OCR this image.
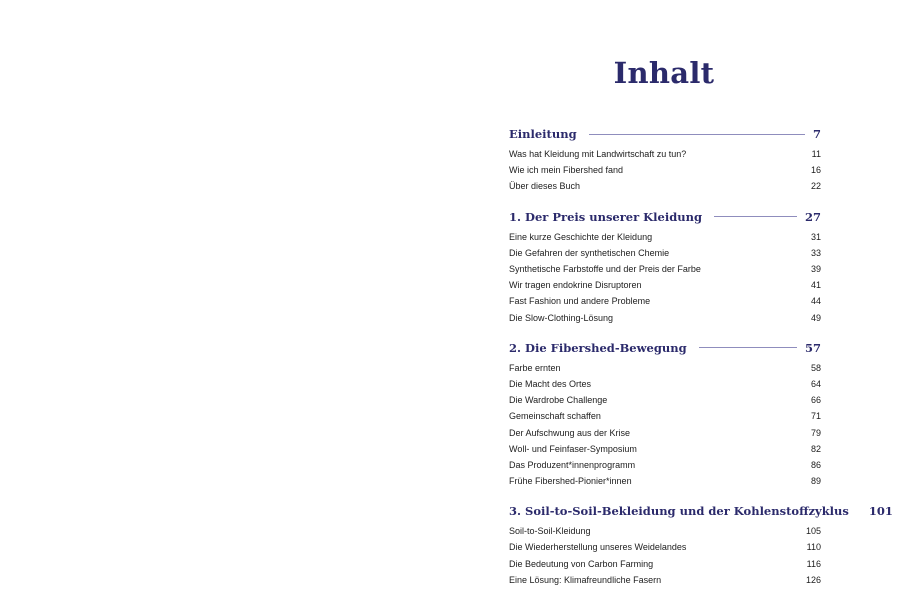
Inhalt
Einleitung	7
Was hat Kleidung mit Landwirtschaft zu tun?	11
Wie ich mein Fibershed fand	16
Über dieses Buch	22
1. Der Preis unserer Kleidung	27
Eine kurze Geschichte der Kleidung	31
Die Gefahren der synthetischen Chemie	33
Synthetische Farbstoffe und der Preis der Farbe	39
Wir tragen endokrine Disruptoren	41
Fast Fashion und andere Probleme	44
Die Slow-Clothing-Lösung	49
2. Die Fibershed-Bewegung	57
Farbe ernten	58
Die Macht des Ortes	64
Die Wardrobe Challenge	66
Gemeinschaft schaffen	71
Der Aufschwung aus der Krise	79
Woll- und Feinfaser-Symposium	82
Das Produzent*innenprogramm	86
Frühe Fibershed-Pionier*innen	89
3. Soil-to-Soil-Bekleidung und der Kohlenstoffzyklus 101
Soil-to-Soil-Kleidung	105
Die Wiederherstellung unseres Weidelandes	110
Die Bedeutung von Carbon Farming	116
Eine Lösung: Klimafreundliche Fasern	126
